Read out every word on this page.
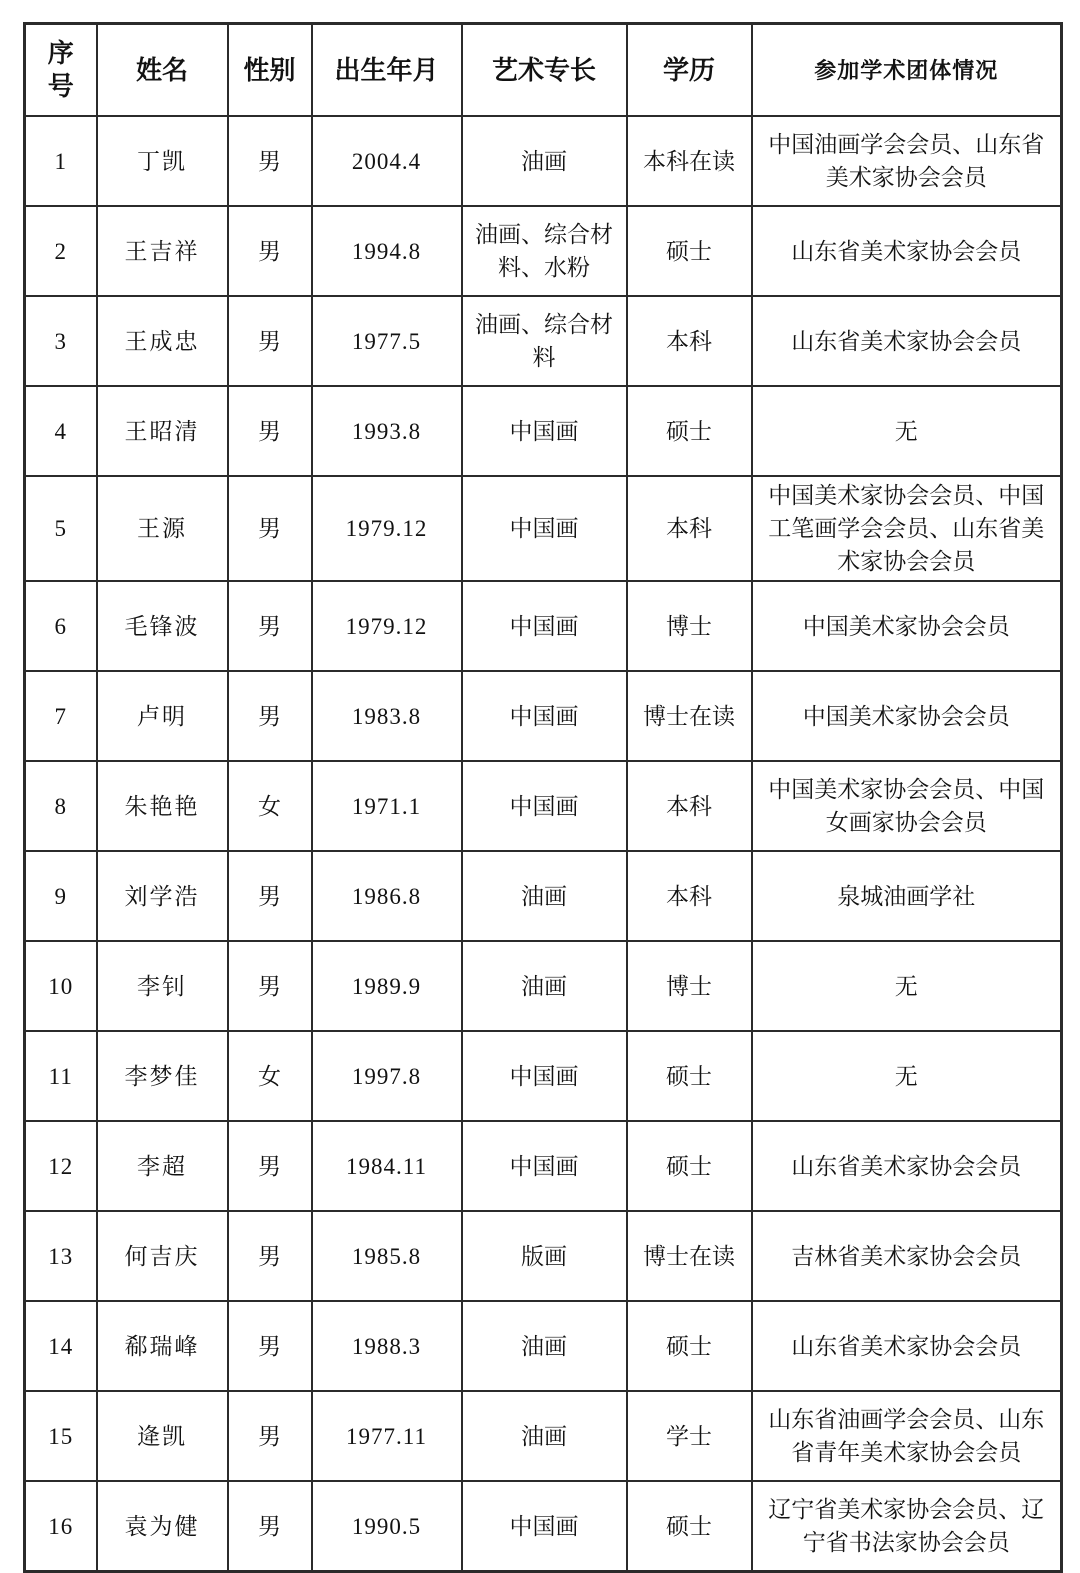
序号	姓名	性别	出生年月	艺术专长	学历	参加学术团体情况
1	丁凯	男	2004.4	油画	本科在读	中国油画学会会员、山东省美术家协会会员
2	王吉祥	男	1994.8	油画、综合材料、水粉	硕士	山东省美术家协会会员
3	王成忠	男	1977.5	油画、综合材料	本科	山东省美术家协会会员
4	王昭清	男	1993.8	中国画	硕士	无
5	王源	男	1979.12	中国画	本科	中国美术家协会会员、中国工笔画学会会员、山东省美术家协会会员
6	毛锋波	男	1979.12	中国画	博士	中国美术家协会会员
7	卢明	男	1983.8	中国画	博士在读	中国美术家协会会员
8	朱艳艳	女	1971.1	中国画	本科	中国美术家协会会员、中国女画家协会会员
9	刘学浩	男	1986.8	油画	本科	泉城油画学社
10	李钊	男	1989.9	油画	博士	无
11	李梦佳	女	1997.8	中国画	硕士	无
12	李超	男	1984.11	中国画	硕士	山东省美术家协会会员
13	何吉庆	男	1985.8	版画	博士在读	吉林省美术家协会会员
14	郗瑞峰	男	1988.3	油画	硕士	山东省美术家协会会员
15	逄凯	男	1977.11	油画	学士	山东省油画学会会员、山东省青年美术家协会会员
16	袁为健	男	1990.5	中国画	硕士	辽宁省美术家协会会员、辽宁省书法家协会会员
